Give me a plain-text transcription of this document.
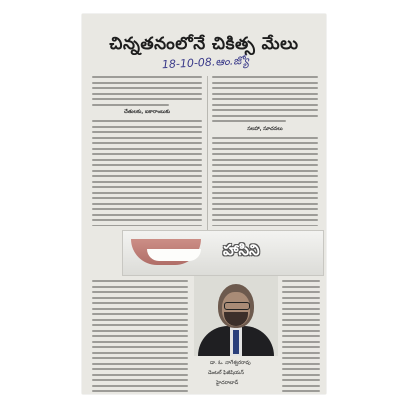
చిన్నతనంలోనే చికిత్స మేలు
18-10-08.ఆం.జ్యో
చేతులకు, ఐకారాంబుకు
సలహా, సూచనలు
హాసిని
డా. ఓ. నాగేశ్వరరావు
డెంటల్ ఫిజీషియన్
హైదరాబాద్
